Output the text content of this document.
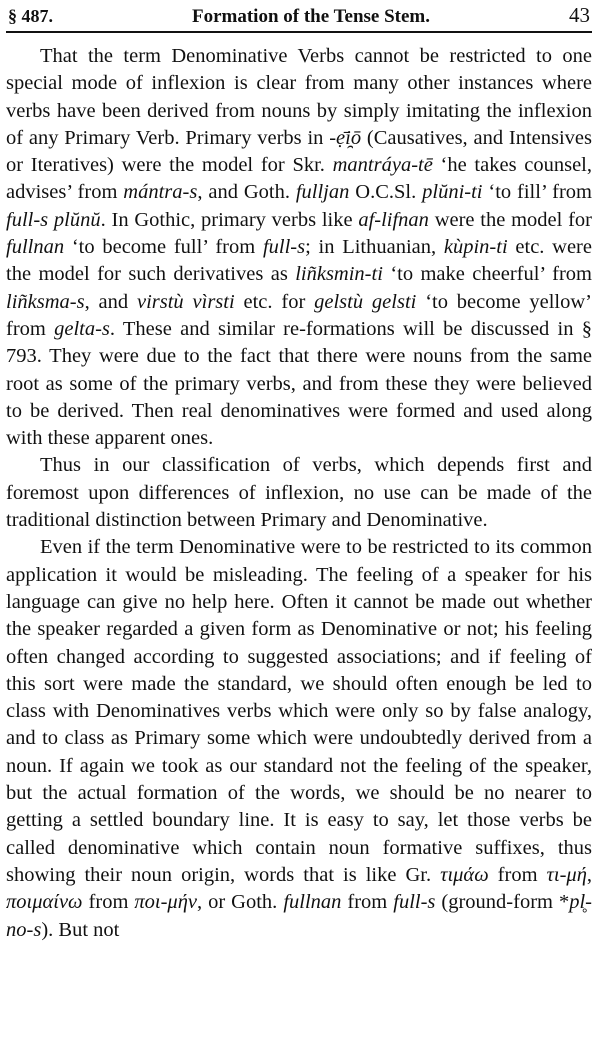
§ 487.	Formation of the Tense Stem.	43

That the term Denominative Verbs cannot be restricted to one special mode of inflexion is clear from many other instances where verbs have been derived from nouns by simply imitating the inflexion of any Primary Verb. Primary verbs in -ẹ̄i̯ō (Causatives, and Intensives or Iteratives) were the model for Skr. mantráya-tē ‘he takes counsel, advises’ from mántra-s, and Goth. fulljan O.C.Sl. plŭni-ti ‘to fill’ from full-s plŭnŭ. In Gothic, primary verbs like af-lifnan were the model for fullnan ‘to become full’ from full-s; in Lithuanian, kùpin-ti etc. were the model for such derivatives as liñksmin-ti ‘to make cheerful’ from liñksma-s, and virstù vìrsti etc. for gelstù gelsti ‘to become yellow’ from gelta-s. These and similar re-formations will be discussed in § 793. They were due to the fact that there were nouns from the same root as some of the primary verbs, and from these they were believed to be derived. Then real denominatives were formed and used along with these apparent ones.

Thus in our classification of verbs, which depends first and foremost upon differences of inflexion, no use can be made of the traditional distinction between Primary and Denominative.

Even if the term Denominative were to be restricted to its common application it would be misleading. The feeling of a speaker for his language can give no help here. Often it cannot be made out whether the speaker regarded a given form as Denominative or not; his feeling often changed according to suggested associations; and if feeling of this sort were made the standard, we should often enough be led to class with Denominatives verbs which were only so by false analogy, and to class as Primary some which were undoubtedly derived from a noun. If again we took as our standard not the feeling of the speaker, but the actual formation of the words, we should be no nearer to getting a settled boundary line. It is easy to say, let those verbs be called denominative which contain noun formative suffixes, thus showing their noun origin, words that is like Gr. τιμάω from τι-μή, ποιμαίνω from ποι-μήν, or Goth. fullnan from full-s (ground-form *pl̥-no-s). But not
